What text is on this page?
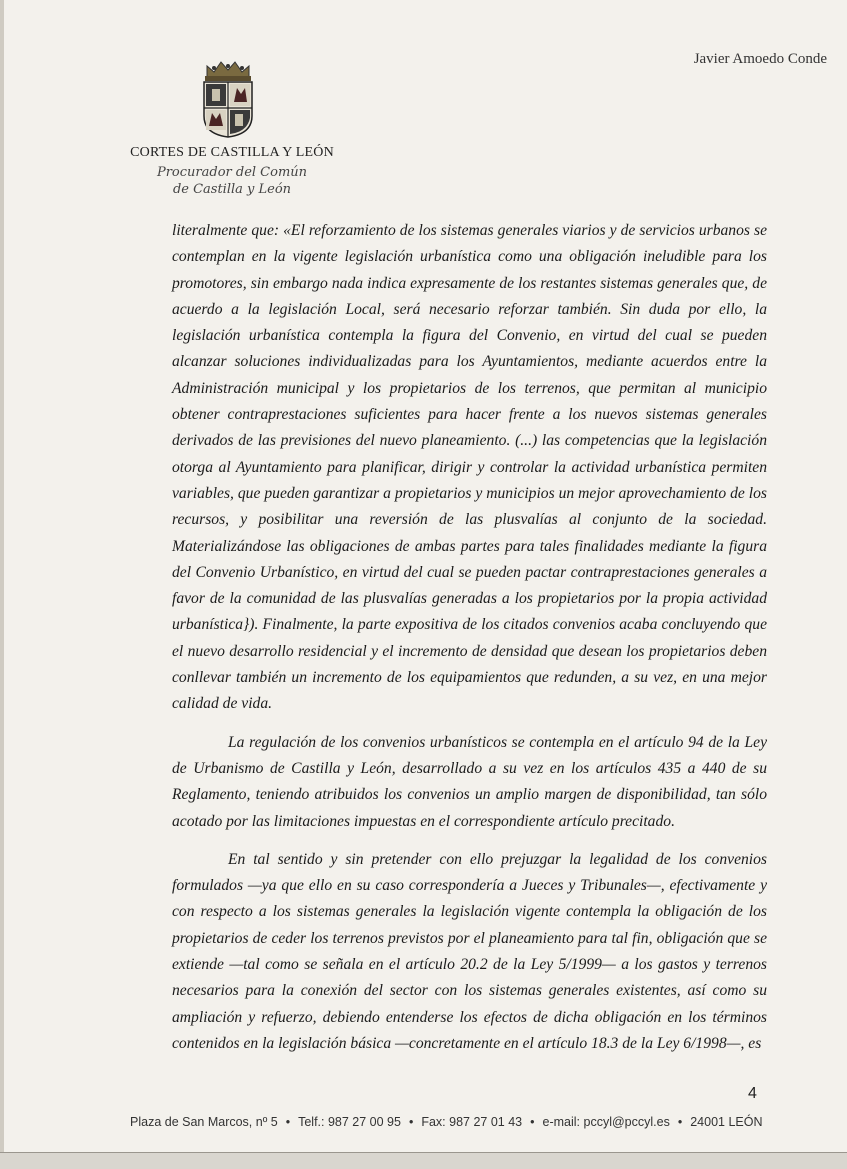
Javier Amoedo Conde
CORTES DE CASTILLA Y LEÓN
Procurador del Común
de Castilla y León

literalmente que: «El reforzamiento de los sistemas generales viarios y de servicios urbanos se contemplan en la vigente legislación urbanística como una obligación ineludible para los promotores, sin embargo nada indica expresamente de los restantes sistemas generales que, de acuerdo a la legislación Local, será necesario reforzar también. Sin duda por ello, la legislación urbanística contempla la figura del Convenio, en virtud del cual se pueden alcanzar soluciones individualizadas para los Ayuntamientos, mediante acuerdos entre la Administración municipal y los propietarios de los terrenos, que permitan al municipio obtener contraprestaciones suficientes para hacer frente a los nuevos sistemas generales derivados de las previsiones del nuevo planeamiento. (...) las competencias que la legislación otorga al Ayuntamiento para planificar, dirigir y controlar la actividad urbanística permiten variables, que pueden garantizar a propietarios y municipios un mejor aprovechamiento de los recursos, y posibilitar una reversión de las plusvalías al conjunto de la sociedad. Materializándose las obligaciones de ambas partes para tales finalidades mediante la figura del Convenio Urbanístico, en virtud del cual se pueden pactar contraprestaciones generales a favor de la comunidad de las plusvalías generadas a los propietarios por la propia actividad urbanística}). Finalmente, la parte expositiva de los citados convenios acaba concluyendo que el nuevo desarrollo residencial y el incremento de densidad que desean los propietarios deben conllevar también un incremento de los equipamientos que redunden, a su vez, en una mejor calidad de vida.

La regulación de los convenios urbanísticos se contempla en el artículo 94 de la Ley de Urbanismo de Castilla y León, desarrollado a su vez en los artículos 435 a 440 de su Reglamento, teniendo atribuidos los convenios un amplio margen de disponibilidad, tan sólo acotado por las limitaciones impuestas en el correspondiente artículo precitado.

En tal sentido y sin pretender con ello prejuzgar la legalidad de los convenios formulados —ya que ello en su caso correspondería a Jueces y Tribunales—, efectivamente y con respecto a los sistemas generales la legislación vigente contempla la obligación de los propietarios de ceder los terrenos previstos por el planeamiento para tal fin, obligación que se extiende —tal como se señala en el artículo 20.2 de la Ley 5/1999— a los gastos y terrenos necesarios para la conexión del sector con los sistemas generales existentes, así como su ampliación y refuerzo, debiendo entenderse los efectos de dicha obligación en los términos contenidos en la legislación básica —concretamente en el artículo 18.3 de la Ley 6/1998—, es

4
Plaza de San Marcos, nº 5 • Telf.: 987 27 00 95 • Fax: 987 27 01 43 • e-mail: pccyl@pccyl.es • 24001 LEÓN
